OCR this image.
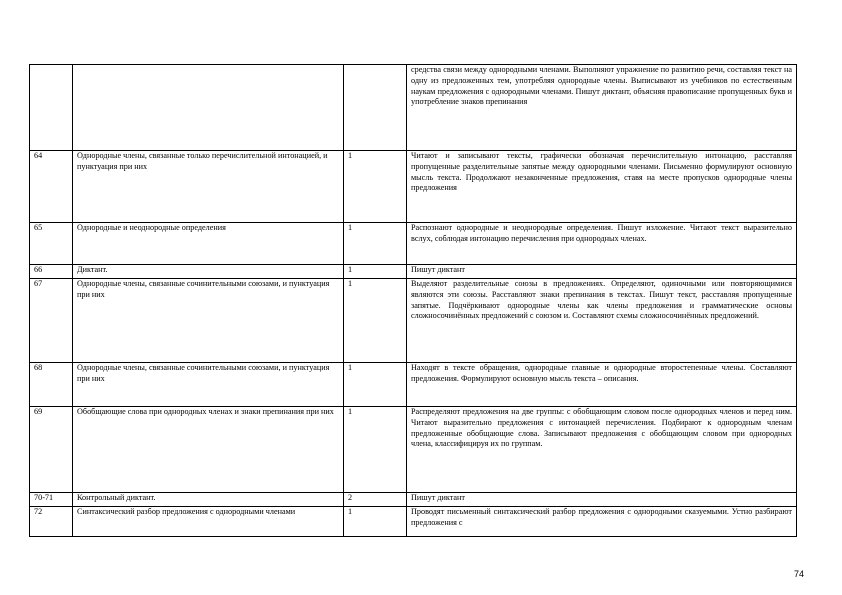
			средства связи между однородными членами. Выполняют упражнение по развитию речи, составляя текст на одну из предложенных тем, употребляя однородные члены. Выписывают из учебников по естественным наукам предложения с однородными членами. Пишут диктант, объясняя правописание пропущенных букв и употребление знаков препинания
64	Однородные члены, связанные только перечислительной интонацией, и пунктуация при них	1	Читают и записывают тексты, графически обозначая перечислительную интонацию, расставляя пропущенные разделительные запятые между однородными членами. Письменно формулируют основную мысль текста. Продолжают незаконченные предложения, ставя на месте пропусков однородные члены предложения
65	Однородные и неоднородные определения	1	Распознают однородные и неоднородные определения. Пишут изложение. Читают текст выразительно вслух, соблюдая интонацию перечисления при однородных членах.
66	Диктант.	1	Пишут диктант
67	Однородные члены, связанные сочинительными союзами, и пунктуация при них	1	Выделяют разделительные союзы в предложениях. Определяют, одиночными или повторяющимися являются эти союзы. Расставляют знаки препинания в текстах. Пишут текст, расставляя пропущенные запятые. Подчёркивают однородные члены как члены предложения и грамматические основы сложносочинённых предложений с союзом и. Составляют схемы сложносочинённых предложений.
68	Однородные члены, связанные сочинительными союзами, и пунктуация при них	1	Находят в тексте обращения, однородные главные и однородные второстепенные члены. Составляют предложения. Формулируют основную мысль текста – описания.
69	Обобщающие слова при однородных членах и знаки препинания при них	1	Распределяют предложения на две группы: с обобщающим словом после однородных членов и перед ним. Читают выразительно предложения с интонацией перечисления. Подбирают к однородным членам предложенные обобщающие слова. Записывают предложения с обобщающим словом при однородных члена, классифицируя их по группам.
70-71	Контрольный диктант.	2	Пишут диктант
72	Синтаксический разбор предложения с однородными членами	1	Проводят письменный синтаксический разбор предложения с однородными сказуемыми. Устно разбирают предложения с
74
